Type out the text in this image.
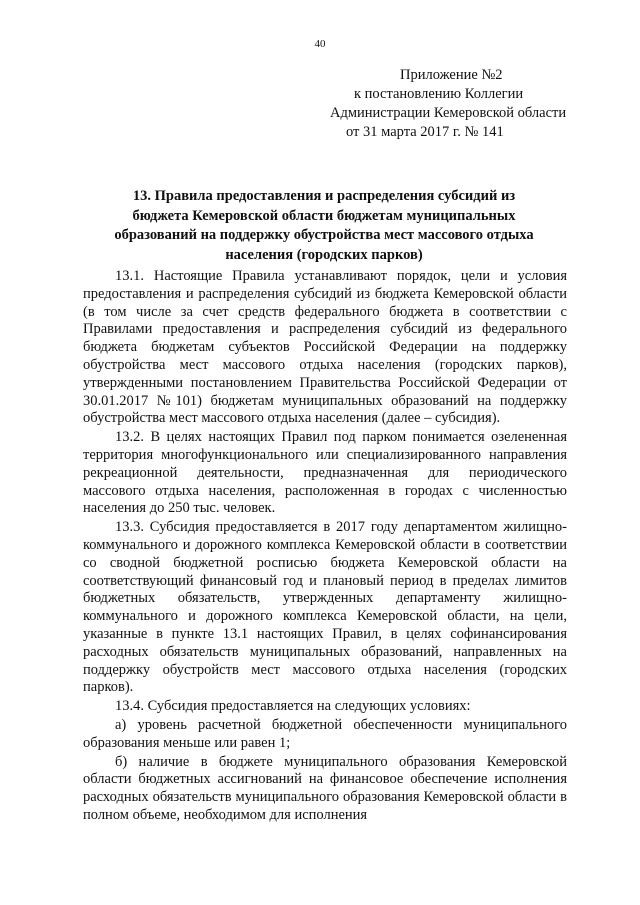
40
Приложение №2
к постановлению Коллегии
Администрации Кемеровской области
от 31 марта 2017 г. № 141
13. Правила предоставления и распределения субсидий из бюджета Кемеровской области бюджетам муниципальных образований на поддержку обустройства мест массового отдыха населения (городских парков)

13.1. Настоящие Правила устанавливают порядок, цели и условия предоставления и распределения субсидий из бюджета Кемеровской области (в том числе за счет средств федерального бюджета в соответствии с Правилами предоставления и распределения субсидий из федерального бюджета бюджетам субъектов Российской Федерации на поддержку обустройства мест массового отдыха населения (городских парков), утвержденными постановлением Правительства Российской Федерации от 30.01.2017 №101) бюджетам муниципальных образований на поддержку обустройства мест массового отдыха населения (далее – субсидия).

13.2. В целях настоящих Правил под парком понимается озелененная территория многофункционального или специализированного направления рекреационной деятельности, предназначенная для периодического массового отдыха населения, расположенная в городах с численностью населения до 250 тыс. человек.

13.3. Субсидия предоставляется в 2017 году департаментом жилищно-коммунального и дорожного комплекса Кемеровской области в соответствии со сводной бюджетной росписью бюджета Кемеровской области на соответствующий финансовый год и плановый период в пределах лимитов бюджетных обязательств, утвержденных департаменту жилищно-коммунального и дорожного комплекса Кемеровской области, на цели, указанные в пункте 13.1 настоящих Правил, в целях софинансирования расходных обязательств муниципальных образований, направленных на поддержку обустройств мест массового отдыха населения (городских парков).

13.4. Субсидия предоставляется на следующих условиях:

а) уровень расчетной бюджетной обеспеченности муниципального образования меньше или равен 1;

б) наличие в бюджете муниципального образования Кемеровской области бюджетных ассигнований на финансовое обеспечение исполнения расходных обязательств муниципального образования Кемеровской области в полном объеме, необходимом для исполнения
